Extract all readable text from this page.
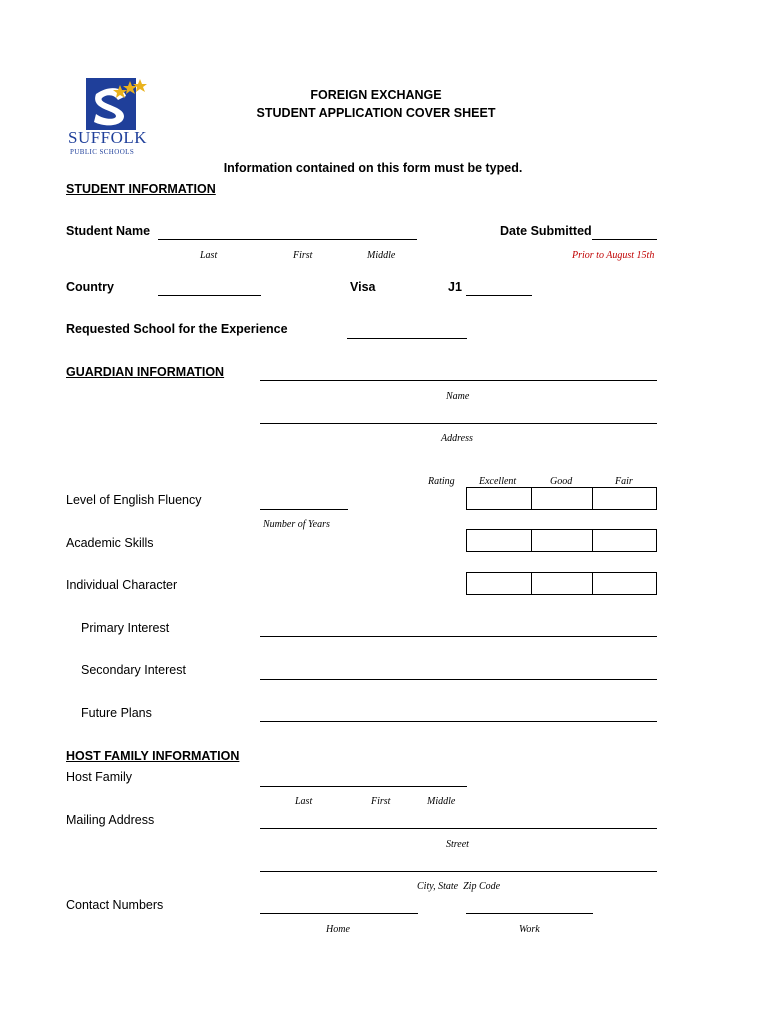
SUFFOLK
PUBLIC SCHOOLS
FOREIGN EXCHANGE
STUDENT APPLICATION COVER SHEET
Information contained on this form must be typed.
STUDENT INFORMATION
Student Name
Last	First	Middle
Date Submitted
Prior to August 15th
Country	Visa	J1
Requested School for the Experience
GUARDIAN INFORMATION
Name
Address
Rating Excellent	Good	Fair
Level of English Fluency
Number of Years
Academic Skills
Individual Character
Primary Interest
Secondary Interest
Future Plans
HOST FAMILY INFORMATION
Host Family
Last	First	Middle
Mailing Address
Street
City, State  Zip Code
Contact Numbers
Home	Work
